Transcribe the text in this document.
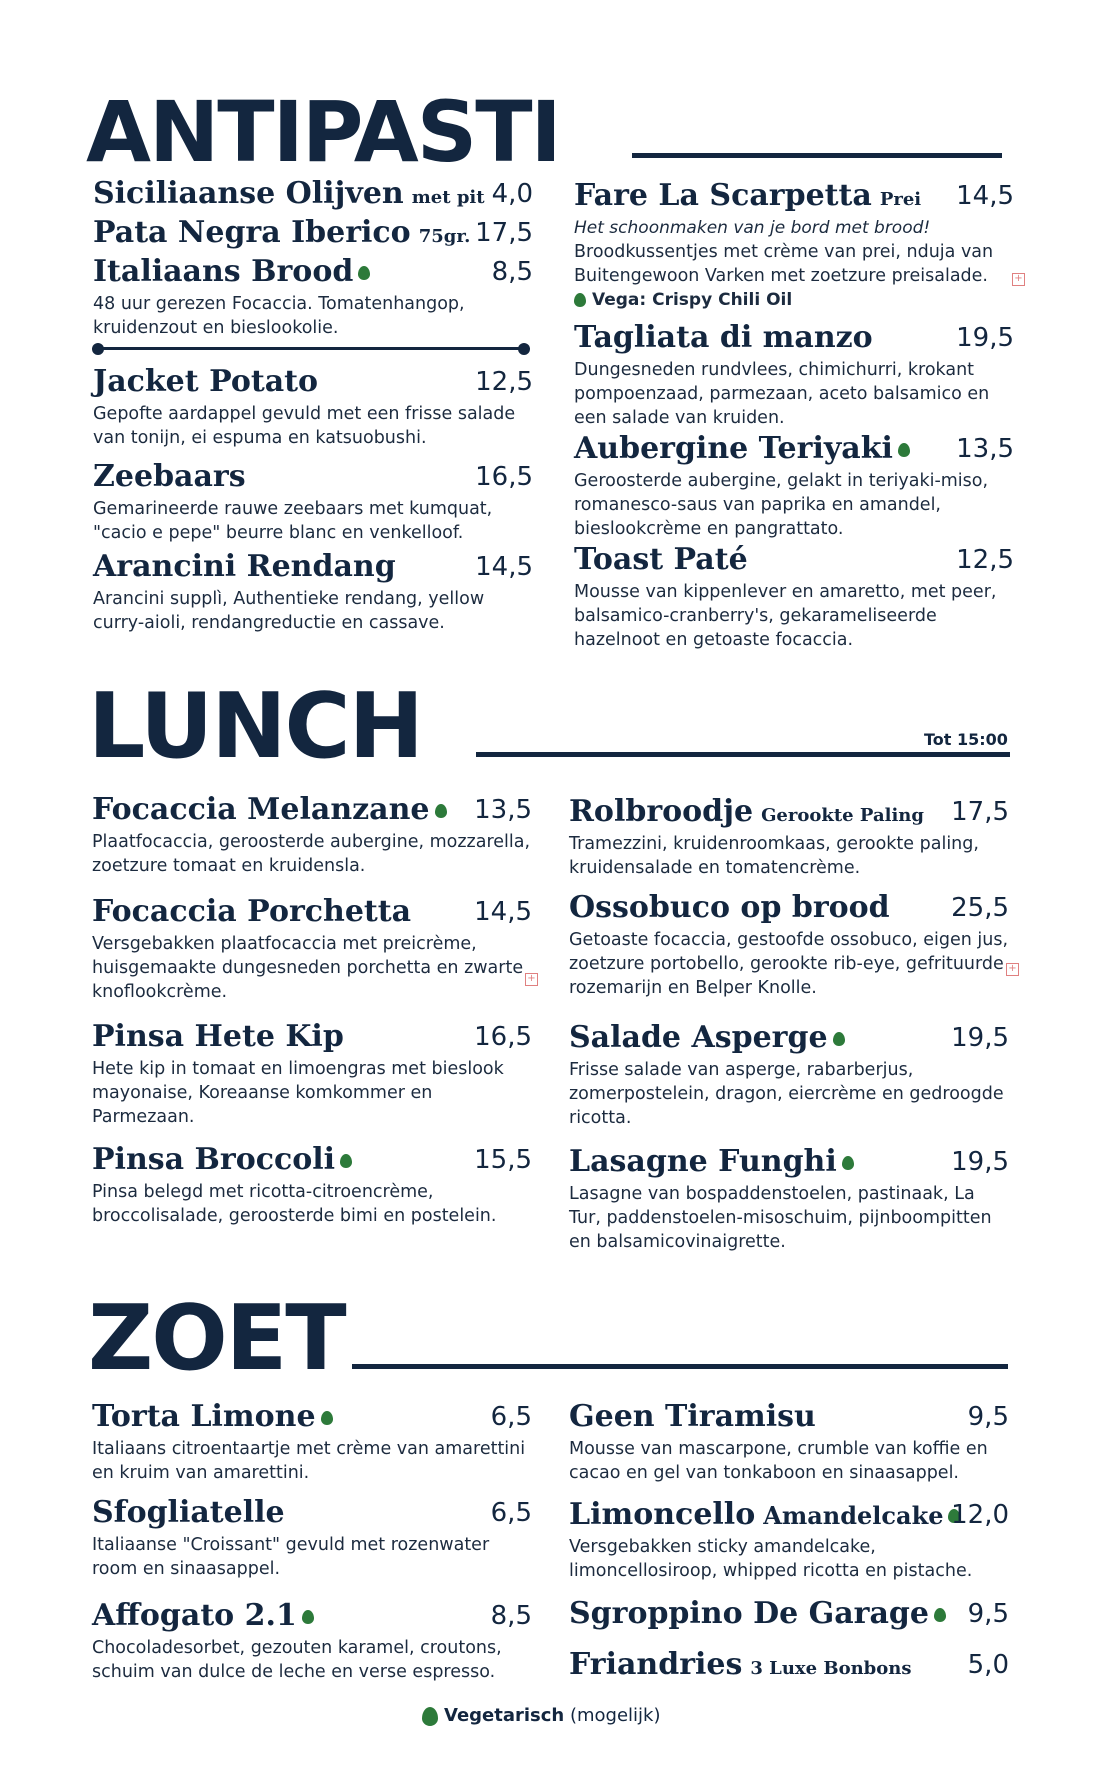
ANTIPASTI
Siciliaanse Olijven met pit 4,0
Pata Negra Iberico 75gr. 17,5
Italiaans Brood	8,5
48 uur gerezen Focaccia. Tomatenhangop, kruidenzout en bieslookolie.
Jacket Potato	12,5
Gepofte aardappel gevuld met een frisse salade van tonijn, ei espuma en katsuobushi.
Zeebaars	16,5
Gemarineerde rauwe zeebaars met kumquat, "cacio e pepe" beurre blanc en venkelloof.
Arancini Rendang	14,5
Arancini supplì, Authentieke rendang, yellow curry-aioli, rendangreductie en cassave.
Fare La Scarpetta Prei 14,5
Het schoonmaken van je bord met brood!
Broodkussentjes met crème van prei, nduja van Buitengewoon Varken met zoetzure preisalade.
Vega: Crispy Chili Oil
+
Tagliata di manzo	19,5
Dungesneden rundvlees, chimichurri, krokant pompoenzaad, parmezaan, aceto balsamico en een salade van kruiden.
Aubergine Teriyaki	13,5
Geroosterde aubergine, gelakt in teriyaki-miso, romanesco-saus van paprika en amandel, bieslookcrème en pangrattato.
Toast Paté	12,5
Mousse van kippenlever en amaretto, met peer, balsamico-cranberry's, gekarameliseerde hazelnoot en getoaste focaccia.
LUNCH	Tot 15:00
Focaccia Melanzane	13,5
Plaatfocaccia, geroosterde aubergine, mozzarella, zoetzure tomaat en kruidensla.
Focaccia Porchetta 14,5
Versgebakken plaatfocaccia met preicrème, huisgemaakte dungesneden porchetta en zwarte knoflookcrème.
+
Pinsa Hete Kip	16,5
Hete kip in tomaat en limoengras met bieslook mayonaise, Koreaanse komkommer en Parmezaan.
Pinsa Broccoli	15,5
Pinsa belegd met ricotta-citroencrème, broccolisalade, geroosterde bimi en postelein.
Rolbroodje Gerookte Paling 17,5
Tramezzini, kruidenroomkaas, gerookte paling, kruidensalade en tomatencrème.
Ossobuco op brood 25,5
Getoaste focaccia, gestoofde ossobuco, eigen jus, zoetzure portobello, gerookte rib-eye, gefrituurde rozemarijn en Belper Knolle.
+
Salade Asperge	19,5
Frisse salade van asperge, rabarberjus, zomerpostelein, dragon, eiercrème en gedroogde ricotta.
Lasagne Funghi	19,5
Lasagne van bospaddenstoelen, pastinaak, La Tur, paddenstoelen-misoschuim, pijnboompitten en balsamicovinaigrette.
ZOET
Torta Limone	6,5
Italiaans citroentaartje met crème van amarettini en kruim van amarettini.
Sfogliatelle	6,5
Italiaanse "Croissant" gevuld met rozenwater room en sinaasappel.
Affogato 2.1	8,5
Chocoladesorbet, gezouten karamel, croutons, schuim van dulce de leche en verse espresso.
Geen Tiramisu	9,5
Mousse van mascarpone, crumble van koffie en cacao en gel van tonkaboon en sinaasappel.
Limoncello Amandelcake 12,0
Versgebakken sticky amandelcake, limoncellosiroop, whipped ricotta en pistache.
Sgroppino De Garage	9,5
Friandries 3 Luxe Bonbons 5,0
Vegetarisch (mogelijk)
